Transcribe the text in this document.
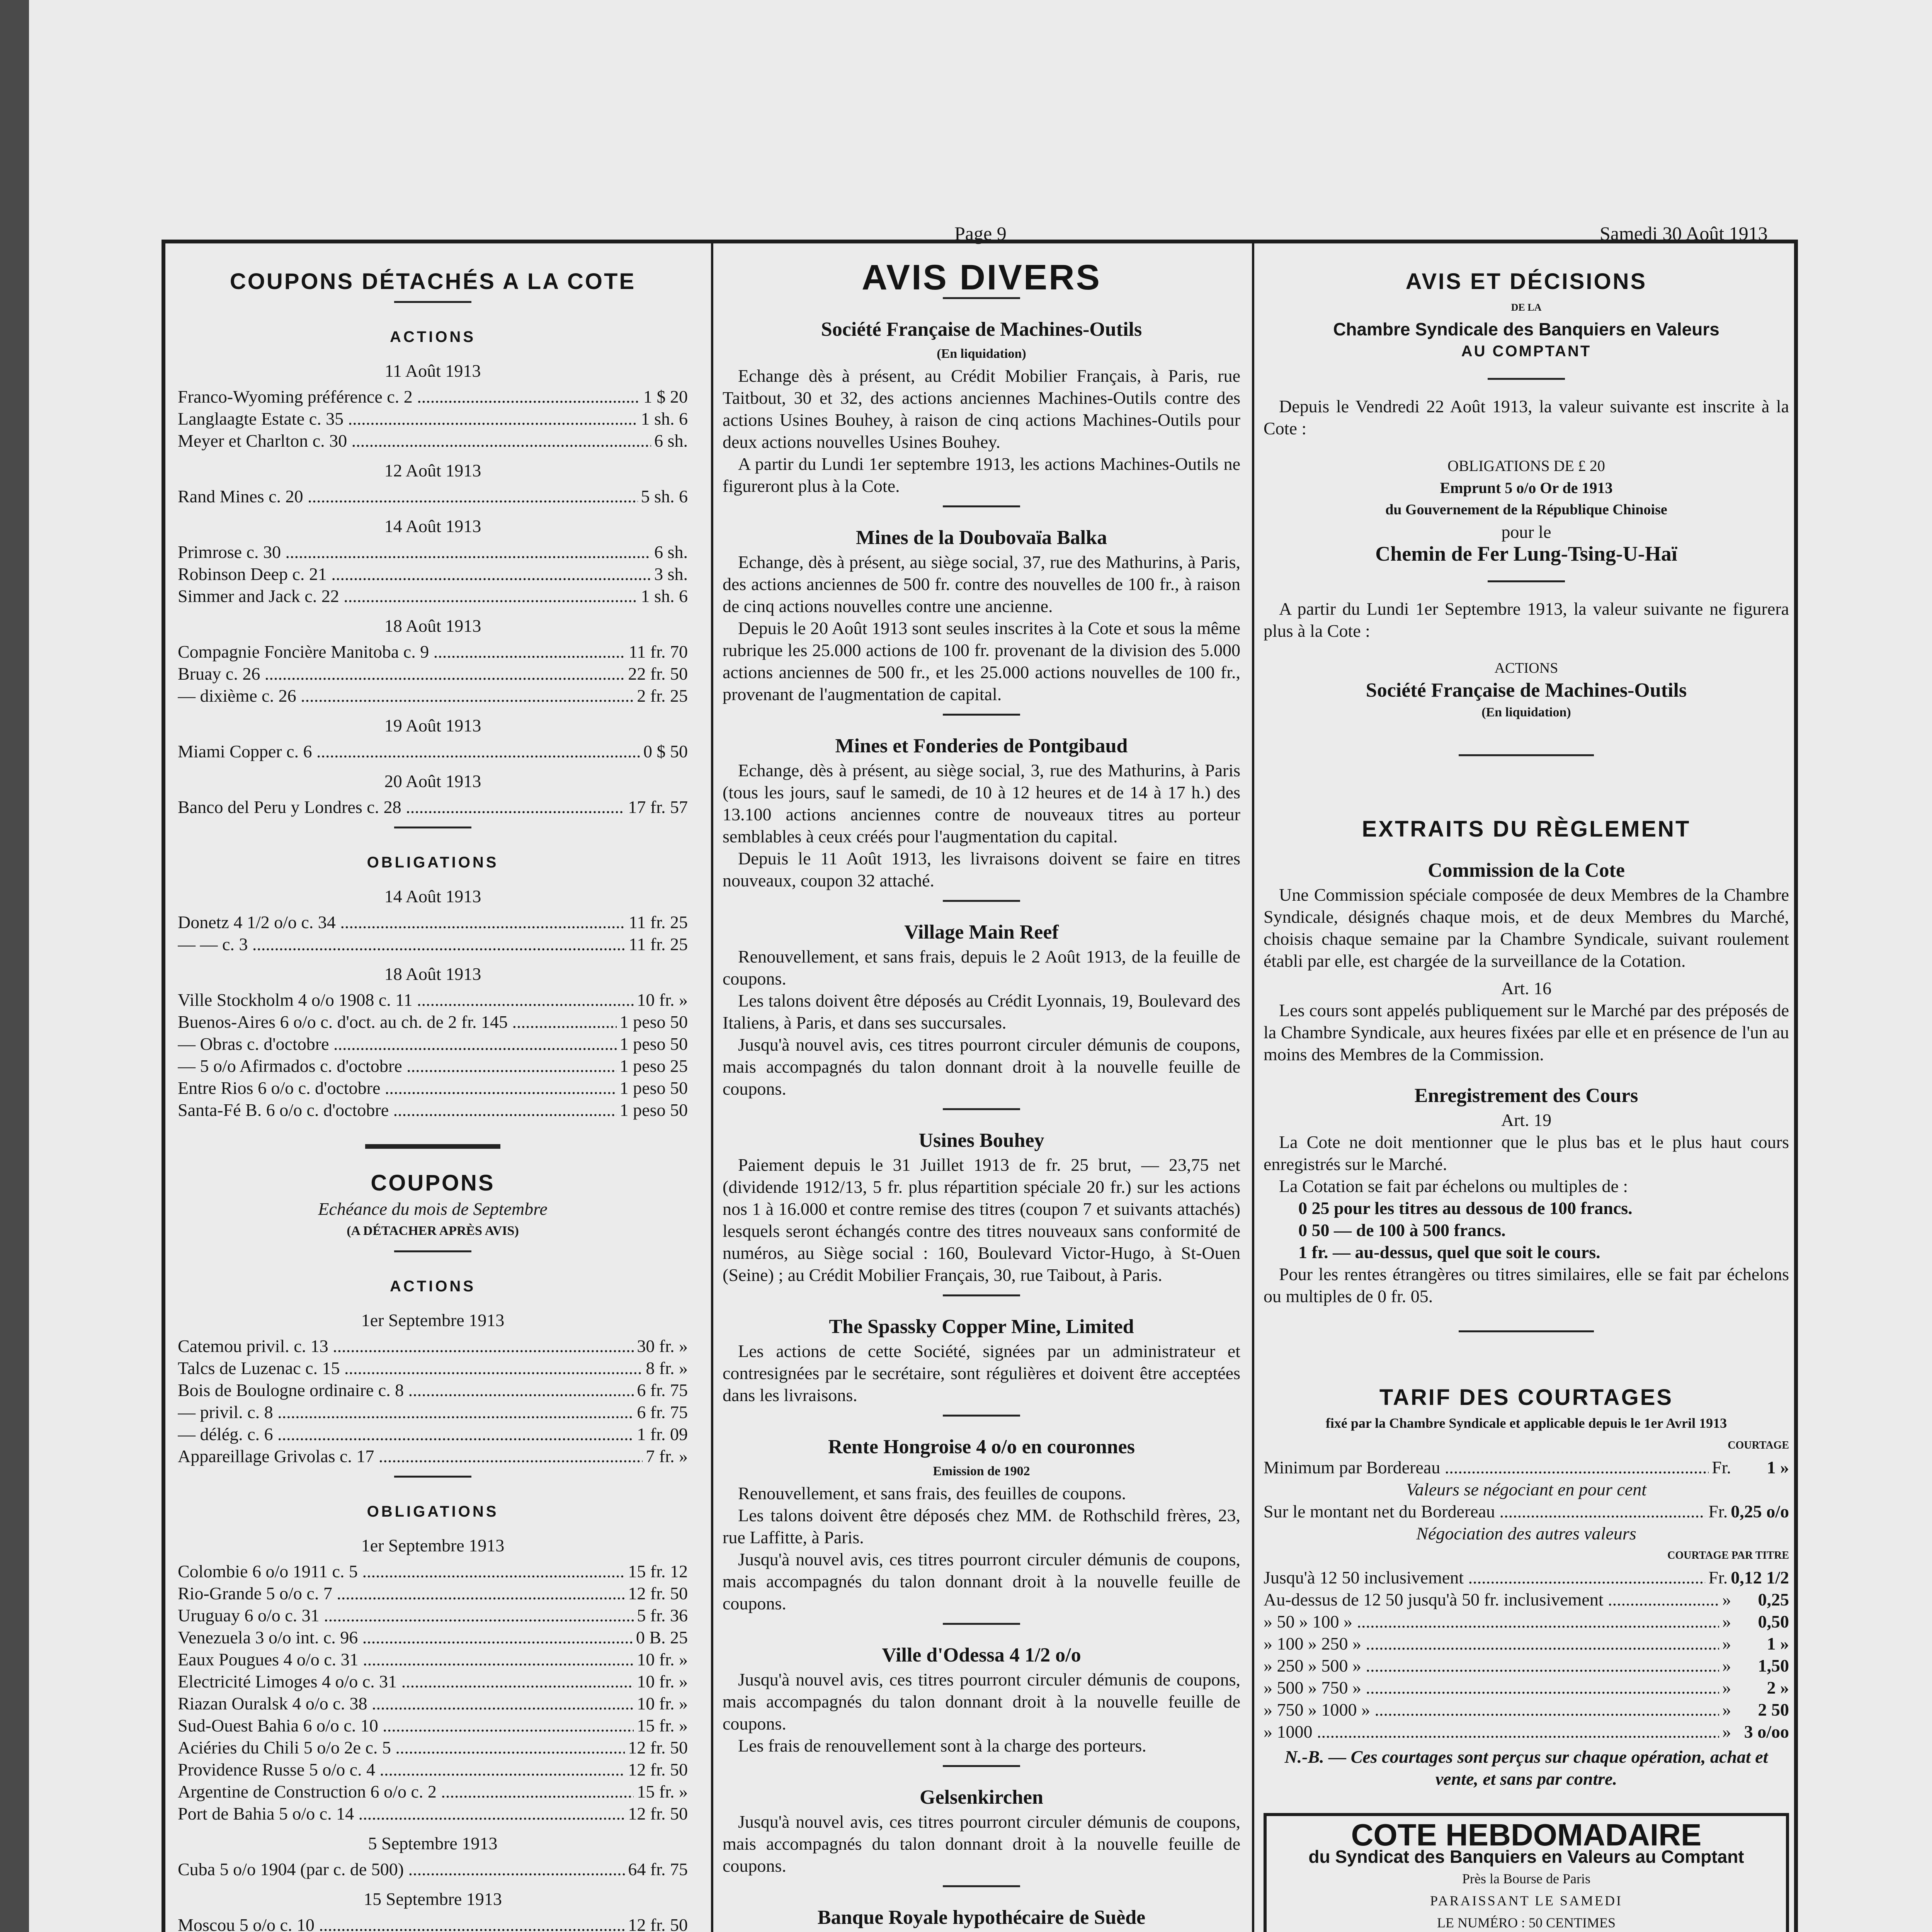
Page 9	Samedi 30 Août 1913
COUPONS DÉTACHÉS A LA COTE
ACTIONS
11 Août 1913
Franco-Wyoming préférence c. 2 .....	1 $ 20
Langlaagte Estate c. 35 .....	1 sh. 6
Meyer et Charlton c. 30 .....	6 sh.
12 Août 1913
Rand Mines c. 20 .....	5 sh. 6
14 Août 1913
Primrose c. 30 .....	6 sh.
Robinson Deep c. 21 .....	3 sh.
Simmer and Jack c. 22 .....	1 sh. 6
18 Août 1913
Compagnie Foncière Manitoba c. 9 .....	11 fr. 70
Bruay c. 26 .....	22 fr. 50
— dixième c. 26 .....	2 fr. 25
19 Août 1913
Miami Copper c. 6 .....	0 $ 50
20 Août 1913
Banco del Peru y Londres c. 28 .....	17 fr. 57
OBLIGATIONS
14 Août 1913
Donetz 4 1/2 o/o c. 34 .....	11 fr. 25
— — c. 3 .....	11 fr. 25
18 Août 1913
Ville Stockholm 4 o/o 1908 c. 11 .....	10 fr. »
Buenos-Aires 6 o/o c. d'oct. au ch. de 2 fr. 145 .....	1 peso 50
— Obras c. d'octobre .....	1 peso 50
— 5 o/o Afirmados c. d'octobre .....	1 peso 25
Entre Rios 6 o/o c. d'octobre .....	1 peso 50
Santa-Fé B. 6 o/o c. d'octobre .....	1 peso 50
COUPONS
Echéance du mois de Septembre
(A DÉTACHER APRÈS AVIS)
ACTIONS
1er Septembre 1913
Catemou privil. c. 13 .....	30 fr. »
Talcs de Luzenac c. 15 .....	8 fr. »
Bois de Boulogne ordinaire c. 8 .....	6 fr. 75
— privil. c. 8 .....	6 fr. 75
— délég. c. 6 .....	1 fr. 09
Appareillage Grivolas c. 17 .....	7 fr. »
OBLIGATIONS
1er Septembre 1913
Colombie 6 o/o 1911 c. 5 .....	15 fr. 12
Rio-Grande 5 o/o c. 7 .....	12 fr. 50
Uruguay 6 o/o c. 31 .....	5 fr. 36
Venezuela 3 o/o int. c. 96 .....	0 B. 25
Eaux Pougues 4 o/o c. 31 .....	10 fr. »
Electricité Limoges 4 o/o c. 31 .....	10 fr. »
Riazan Ouralsk 4 o/o c. 38 .....	10 fr. »
Sud-Ouest Bahia 6 o/o c. 10 .....	15 fr. »
Aciéries du Chili 5 o/o 2e c. 5 .....	12 fr. 50
Providence Russe 5 o/o c. 4 .....	12 fr. 50
Argentine de Construction 6 o/o c. 2 .....	15 fr. »
Port de Bahia 5 o/o c. 14 .....	12 fr. 50
5 Septembre 1913
Cuba 5 o/o 1904 (par c. de 500) .....	64 fr. 75
15 Septembre 1913
Moscou 5 o/o c. 10 .....	12 fr. 50
AVIS DIVERS
Société Française de Machines-Outils
(En liquidation)
Echange dès à présent, au Crédit Mobilier Français, à Paris, rue Taitbout, 30 et 32, des actions anciennes Machines-Outils contre des actions Usines Bouhey, à raison de cinq actions Machines-Outils pour deux actions nouvelles Usines Bouhey.
A partir du Lundi 1er septembre 1913, les actions Machines-Outils ne figureront plus à la Cote.
Mines de la Doubovaïa Balka
Echange, dès à présent, au siège social, 37, rue des Mathurins, à Paris, des actions anciennes de 500 fr. contre des nouvelles de 100 fr., à raison de cinq actions nouvelles contre une ancienne.
Depuis le 20 Août 1913 sont seules inscrites à la Cote et sous la même rubrique les 25.000 actions de 100 fr. provenant de la division des 5.000 actions anciennes de 500 fr., et les 25.000 actions nouvelles de 100 fr., provenant de l'augmentation de capital.
Mines et Fonderies de Pontgibaud
Echange, dès à présent, au siège social, 3, rue des Mathurins, à Paris (tous les jours, sauf le samedi, de 10 à 12 heures et de 14 à 17 h.) des 13.100 actions anciennes contre de nouveaux titres au porteur semblables à ceux créés pour l'augmentation du capital.
Depuis le 11 Août 1913, les livraisons doivent se faire en titres nouveaux, coupon 32 attaché.
Village Main Reef
Renouvellement, et sans frais, depuis le 2 Août 1913, de la feuille de coupons.
Les talons doivent être déposés au Crédit Lyonnais, 19, Boulevard des Italiens, à Paris, et dans ses succursales.
Jusqu'à nouvel avis, ces titres pourront circuler démunis de coupons, mais accompagnés du talon donnant droit à la nouvelle feuille de coupons.
Usines Bouhey
Paiement depuis le 31 Juillet 1913 de fr. 25 brut, — 23,75 net (dividende 1912/13, 5 fr. plus répartition spéciale 20 fr.) sur les actions nos 1 à 16.000 et contre remise des titres (coupon 7 et suivants attachés) lesquels seront échangés contre des titres nouveaux sans conformité de numéros, au Siège social : 160, Boulevard Victor-Hugo, à St-Ouen (Seine) ; au Crédit Mobilier Français, 30, rue Taibout, à Paris.
The Spassky Copper Mine, Limited
Les actions de cette Société, signées par un administrateur et contresignées par le secrétaire, sont régulières et doivent être acceptées dans les livraisons.
Rente Hongroise 4 o/o en couronnes
Emission de 1902
Renouvellement, et sans frais, des feuilles de coupons.
Les talons doivent être déposés chez MM. de Rothschild frères, 23, rue Laffitte, à Paris.
Jusqu'à nouvel avis, ces titres pourront circuler démunis de coupons, mais accompagnés du talon donnant droit à la nouvelle feuille de coupons.
Ville d'Odessa 4 1/2 o/o
Jusqu'à nouvel avis, ces titres pourront circuler démunis de coupons, mais accompagnés du talon donnant droit à la nouvelle feuille de coupons.
Les frais de renouvellement sont à la charge des porteurs.
Gelsenkirchen
Jusqu'à nouvel avis, ces titres pourront circuler démunis de coupons, mais accompagnés du talon donnant droit à la nouvelle feuille de coupons.
Banque Royale hypothécaire de Suède
AVIS ET DÉCISIONS
DE LA
Chambre Syndicale des Banquiers en Valeurs
AU COMPTANT
Depuis le Vendredi 22 Août 1913, la valeur suivante est inscrite à la Cote :
OBLIGATIONS DE £ 20
Emprunt 5 o/o Or de 1913
du Gouvernement de la République Chinoise
pour le
Chemin de Fer Lung-Tsing-U-Haï
A partir du Lundi 1er Septembre 1913, la valeur suivante ne figurera plus à la Cote :
ACTIONS
Société Française de Machines-Outils
(En liquidation)
EXTRAITS DU RÈGLEMENT
Commission de la Cote
Une Commission spéciale composée de deux Membres de la Chambre Syndicale, désignés chaque mois, et de deux Membres du Marché, choisis chaque semaine par la Chambre Syndicale, suivant roulement établi par elle, est chargée de la surveillance de la Cotation.
Art. 16
Les cours sont appelés publiquement sur le Marché par des préposés de la Chambre Syndicale, aux heures fixées par elle et en présence de l'un au moins des Membres de la Commission.
Enregistrement des Cours
Art. 19
La Cote ne doit mentionner que le plus bas et le plus haut cours enregistrés sur le Marché.
La Cotation se fait par échelons ou multiples de :
0 25 pour les titres au dessous de 100 francs.
0 50 — de 100 à 500 francs.
1 fr. — au-dessus, quel que soit le cours.
Pour les rentes étrangères ou titres similaires, elle se fait par échelons ou multiples de 0 fr. 05.
TARIF DES COURTAGES
fixé par la Chambre Syndicale et applicable depuis le 1er Avril 1913
COURTAGE
Minimum par Bordereau .....	Fr.	1 »
Valeurs se négociant en pour cent
Sur le montant net du Bordereau .....	Fr. 0,25 o/o
Négociation des autres valeurs
COURTAGE PAR TITRE
Jusqu'à 12 50 inclusivement .....	Fr. 0,12 1/2
Au-dessus de 12 50 jusqu'à 50 fr. inclusivement .....	»	0,25
» 50 » 100 » .....	»	0,50
» 100 » 250 » .....	»	1 »
» 250 » 500 » .....	»	1,50
» 500 » 750 » .....	»	2 »
» 750 » 1000 » .....	»	2 50
» 1000 .....	» 3 o/oo
N.-B. — Ces courtages sont perçus sur chaque opération, achat et vente, et sans par contre.
COTE HEBDOMADAIRE
du Syndicat des Banquiers en Valeurs au Comptant
Près la Bourse de Paris
PARAISSANT LE SAMEDI
LE NUMÉRO : 50 CENTIMES
